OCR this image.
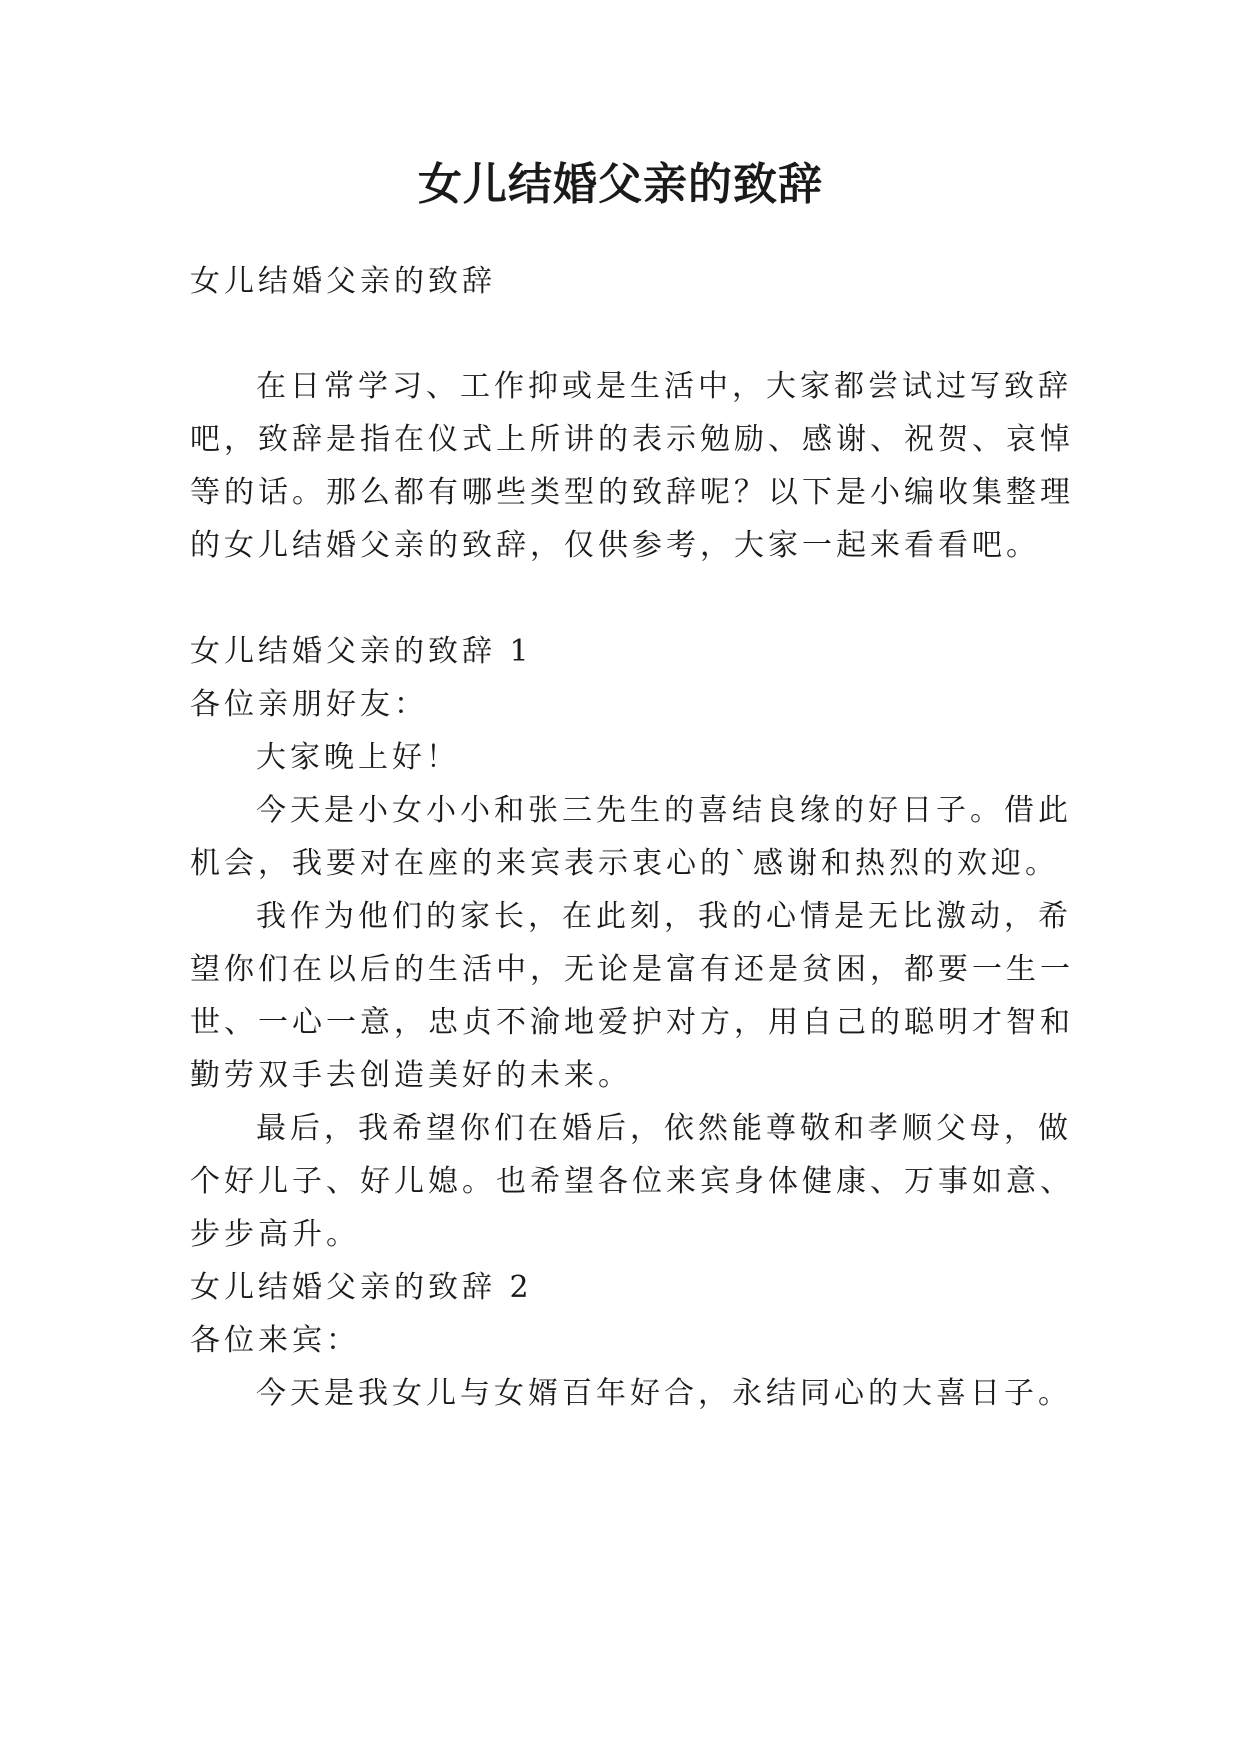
女儿结婚父亲的致辞
女儿结婚父亲的致辞
在日常学习、工作抑或是生活中，大家都尝试过写致辞
吧，致辞是指在仪式上所讲的表示勉励、感谢、祝贺、哀悼
等的话。那么都有哪些类型的致辞呢？以下是小编收集整理
的女儿结婚父亲的致辞，仅供参考，大家一起来看看吧。
女儿结婚父亲的致辞 1
各位亲朋好友：
大家晚上好！
今天是小女小小和张三先生的喜结良缘的好日子。借此
机会，我要对在座的来宾表示衷心的`感谢和热烈的欢迎。
我作为他们的家长，在此刻，我的心情是无比激动，希
望你们在以后的生活中，无论是富有还是贫困，都要一生一
世、一心一意，忠贞不渝地爱护对方，用自己的聪明才智和
勤劳双手去创造美好的未来。
最后，我希望你们在婚后，依然能尊敬和孝顺父母，做
个好儿子、好儿媳。也希望各位来宾身体健康、万事如意、
步步高升。
女儿结婚父亲的致辞 2
各位来宾：
今天是我女儿与女婿百年好合，永结同心的大喜日子。
